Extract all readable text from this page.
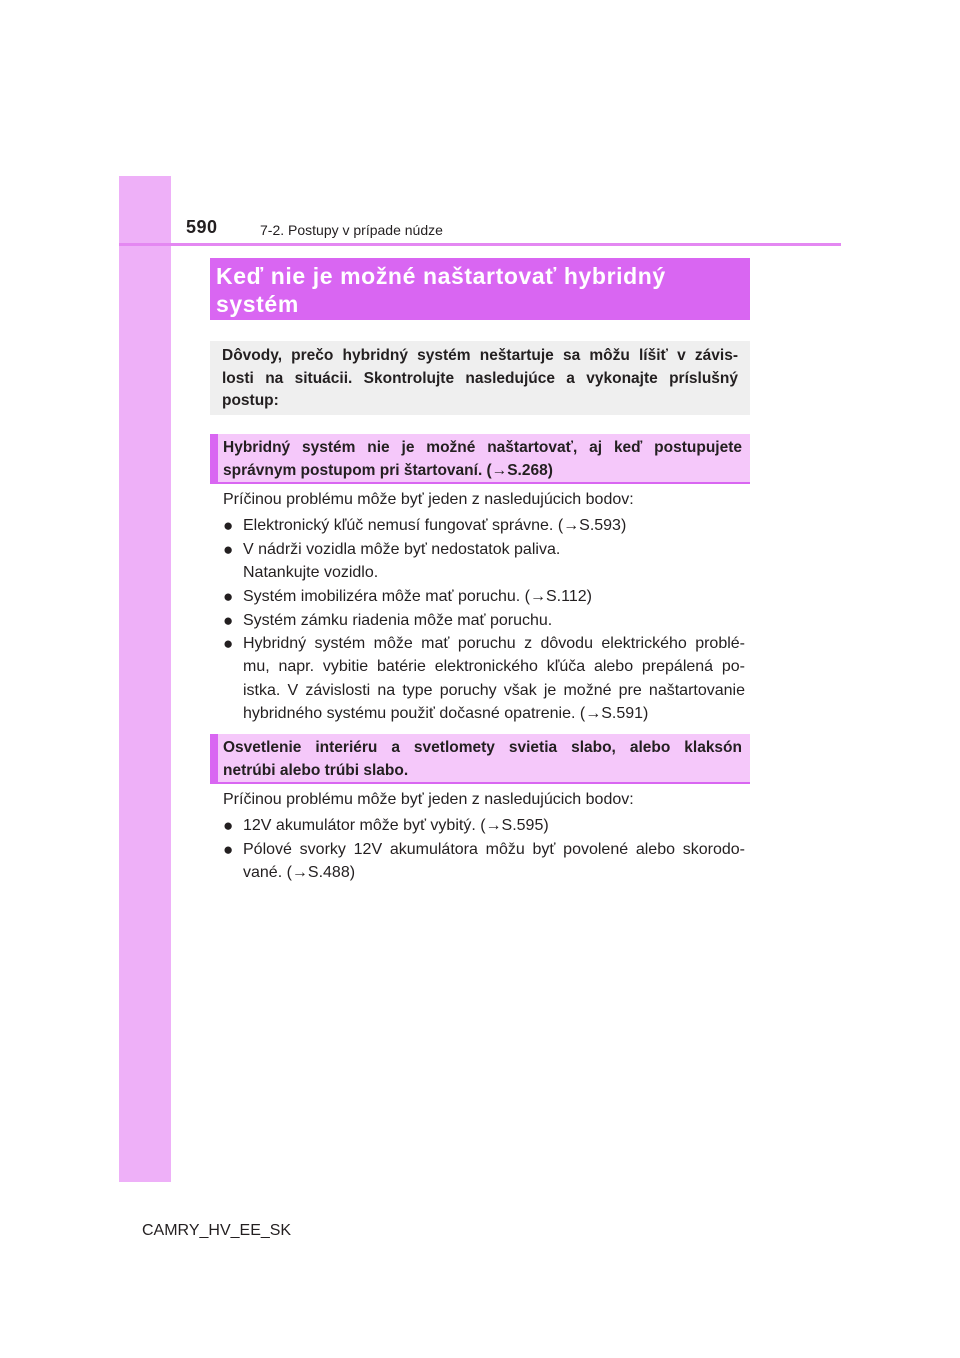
590	7-2. Postupy v prípade núdze
Keď nie je možné naštartovať hybridný
systém
Dôvody, prečo hybridný systém neštartuje sa môžu líšiť v závis-
losti na situácii. Skontrolujte nasledujúce a vykonajte príslušný
postup:
Hybridný systém nie je možné naštartovať, aj keď postupujete
správnym postupom pri štartovaní. (→S.268)
Príčinou problému môže byť jeden z nasledujúcich bodov:
● Elektronický kľúč nemusí fungovať správne. (→S.593)
● V nádrži vozidla môže byť nedostatok paliva.
Natankujte vozidlo.
● Systém imobilizéra môže mať poruchu. (→S.112)
● Systém zámku riadenia môže mať poruchu.
● Hybridný systém môže mať poruchu z dôvodu elektrického problé-
mu, napr. vybitie batérie elektronického kľúča alebo prepálená po-
istka. V závislosti na type poruchy však je možné pre naštartovanie
hybridného systému použiť dočasné opatrenie. (→S.591)
Osvetlenie interiéru a svetlomety svietia slabo, alebo klaksón
netrúbi alebo trúbi slabo.
Príčinou problému môže byť jeden z nasledujúcich bodov:
● 12V akumulátor môže byť vybitý. (→S.595)
● Pólové svorky 12V akumulátora môžu byť povolené alebo skorodo-
vané. (→S.488)
CAMRY_HV_EE_SK
